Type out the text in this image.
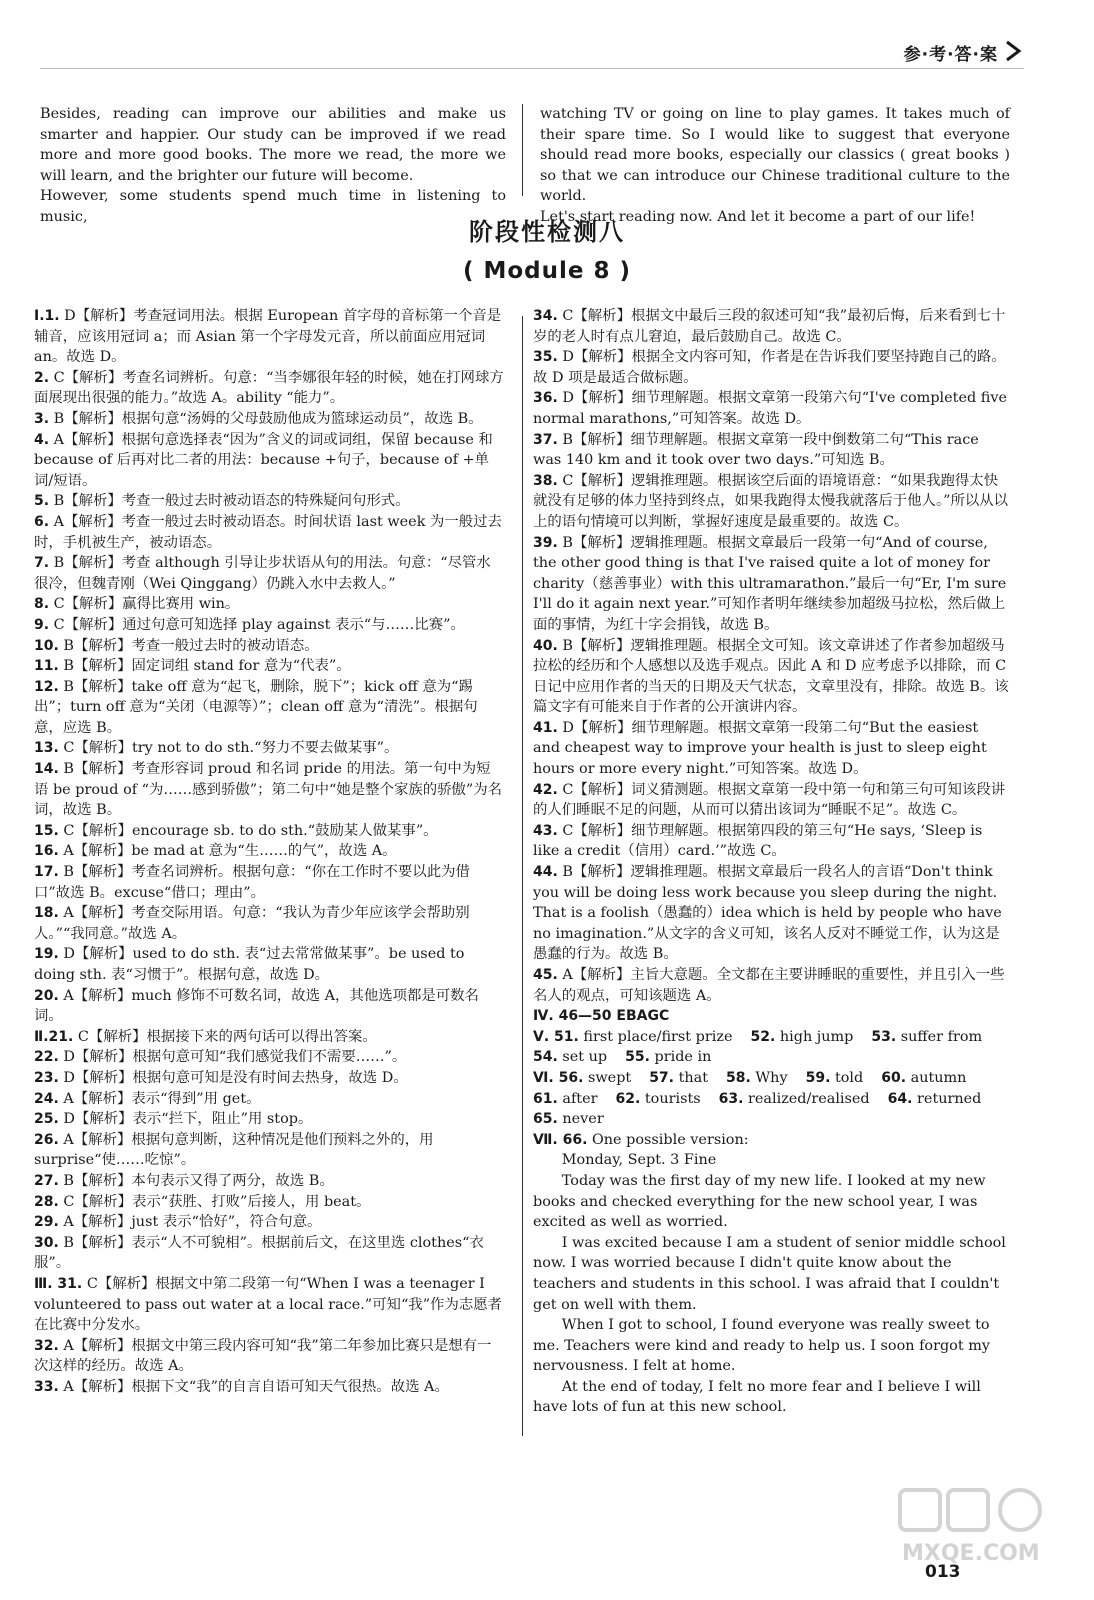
参·考·答·案

Besides, reading can improve our abilities and make us smarter and happier. Our study can be improved if we read more and more good books. The more we read, the more we will learn, and the brighter our future will become.

However, some students spend much time in listening to music,

watching TV or going on line to play games. It takes much of their spare time. So I would like to suggest that everyone should read more books, especially our classics ( great books ) so that we can introduce our Chinese traditional culture to the world.

Let's start reading now. And let it become a part of our life!

阶段性检测八
( Module 8 )

Ⅰ.1. D【解析】考查冠词用法。根据 European 首字母的音标第一个音是辅音，应该用冠词 a；而 Asian 第一个字母发元音，所以前面应用冠词 an。故选 D。

2. C【解析】考查名词辨析。句意：“当李娜很年轻的时候，她在打网球方面展现出很强的能力。”故选 A。ability “能力”。

3. B【解析】根据句意“汤姆的父母鼓励他成为篮球运动员”，故选 B。

4. A【解析】根据句意选择表“因为”含义的词或词组，保留 because 和 because of 后再对比二者的用法：because +句子，because of +单词/短语。

5. B【解析】考查一般过去时被动语态的特殊疑问句形式。

6. A【解析】考查一般过去时被动语态。时间状语 last week 为一般过去时，手机被生产，被动语态。

7. B【解析】考查 although 引导让步状语从句的用法。句意：“尽管水很冷，但魏青刚（Wei Qinggang）仍跳入水中去救人。”

8. C【解析】赢得比赛用 win。

9. C【解析】通过句意可知选择 play against 表示“与……比赛”。

10. B【解析】考查一般过去时的被动语态。

11. B【解析】固定词组 stand for 意为“代表”。

12. B【解析】take off 意为“起飞，删除，脱下”；kick off 意为“踢出”；turn off 意为“关闭（电源等）”；clean off 意为“清洗”。根据句意，应选 B。

13. C【解析】try not to do sth.“努力不要去做某事”。

14. B【解析】考查形容词 proud 和名词 pride 的用法。第一句中为短语 be proud of “为……感到骄傲”；第二句中“她是整个家族的骄傲”为名词，故选 B。

15. C【解析】encourage sb. to do sth.“鼓励某人做某事”。

16. A【解析】be mad at 意为“生……的气”，故选 A。

17. B【解析】考查名词辨析。根据句意：“你在工作时不要以此为借口”故选 B。excuse“借口；理由”。

18. A【解析】考查交际用语。句意：“我认为青少年应该学会帮助别人。”“我同意。”故选 A。

19. D【解析】used to do sth. 表“过去常常做某事”。be used to doing sth. 表“习惯于”。根据句意，故选 D。

20. A【解析】much 修饰不可数名词，故选 A，其他选项都是可数名词。

Ⅱ.21. C【解析】根据接下来的两句话可以得出答案。

22. D【解析】根据句意可知“我们感觉我们不需要……”。

23. D【解析】根据句意可知是没有时间去热身，故选 D。

24. A【解析】表示“得到”用 get。

25. D【解析】表示“拦下，阻止”用 stop。

26. A【解析】根据句意判断，这种情况是他们预料之外的，用 surprise“使……吃惊”。

27. B【解析】本句表示又得了两分，故选 B。

28. C【解析】表示“获胜、打败”后接人，用 beat。

29. A【解析】just 表示“恰好”，符合句意。

30. B【解析】表示“人不可貌相”。根据前后文，在这里选 clothes“衣服”。

Ⅲ. 31. C【解析】根据文中第二段第一句“When I was a teenager I volunteered to pass out water at a local race.”可知“我”作为志愿者在比赛中分发水。

32. A【解析】根据文中第三段内容可知“我”第二年参加比赛只是想有一次这样的经历。故选 A。

33. A【解析】根据下文“我”的自言自语可知天气很热。故选 A。

34. C【解析】根据文中最后三段的叙述可知“我”最初后悔，后来看到七十岁的老人时有点儿窘迫，最后鼓励自己。故选 C。

35. D【解析】根据全文内容可知，作者是在告诉我们要坚持跑自己的路。故 D 项是最适合做标题。

36. D【解析】细节理解题。根据文章第一段第六句“I've completed five normal marathons,”可知答案。故选 D。

37. B【解析】细节理解题。根据文章第一段中倒数第二句“This race was 140 km and it took over two days.”可知选 B。

38. C【解析】逻辑推理题。根据该空后面的语境语意：“如果我跑得太快就没有足够的体力坚持到终点，如果我跑得太慢我就落后于他人。”所以从以上的语句情境可以判断，掌握好速度是最重要的。故选 C。

39. B【解析】逻辑推理题。根据文章最后一段第一句“And of course, the other good thing is that I've raised quite a lot of money for charity（慈善事业）with this ultramarathon.”最后一句“Er, I'm sure I'll do it again next year.”可知作者明年继续参加超级马拉松，然后做上面的事情，为红十字会捐钱，故选 B。

40. B【解析】逻辑推理题。根据全文可知。该文章讲述了作者参加超级马拉松的经历和个人感想以及选手观点。因此 A 和 D 应考虑予以排除，而 C 日记中应用作者的当天的日期及天气状态，文章里没有，排除。故选 B。该篇文字有可能来自于作者的公开演讲内容。

41. D【解析】细节理解题。根据文章第一段第二句“But the easiest and cheapest way to improve your health is just to sleep eight hours or more every night.”可知答案。故选 D。

42. C【解析】词义猜测题。根据文章第一段中第一句和第三句可知该段讲的人们睡眠不足的问题，从而可以猜出该词为“睡眠不足”。故选 C。

43. C【解析】细节理解题。根据第四段的第三句“He says, ‘Sleep is like a credit（信用）card.’”故选 C。

44. B【解析】逻辑推理题。根据文章最后一段名人的言语“Don't think you will be doing less work because you sleep during the night. That is a foolish（愚蠢的）idea which is held by people who have no imagination.”从文字的含义可知，该名人反对不睡觉工作，认为这是愚蠢的行为。故选 B。

45. A【解析】主旨大意题。全文都在主要讲睡眠的重要性，并且引入一些名人的观点，可知该题选 A。

Ⅳ. 46—50 EBAGC

Ⅴ. 51. first place/first prize 52. high jump 53. suffer from
54. set up 55. pride in
Ⅵ. 56. swept 57. that 58. Why 59. told 60. autumn
61. after 62. tourists 63. realized/realised 64. returned
65. never

Ⅶ. 66. One possible version:

Monday, Sept. 3 Fine

Today was the first day of my new life. I looked at my new books and checked everything for the new school year, I was excited as well as worried.

I was excited because I am a student of senior middle school now. I was worried because I didn't quite know about the teachers and students in this school. I was afraid that I couldn't get on well with them.

When I got to school, I found everyone was really sweet to me. Teachers were kind and ready to help us. I soon forgot my nervousness. I felt at home.

At the end of today, I felt no more fear and I believe I will have lots of fun at this new school.

MXQE.COM
013
